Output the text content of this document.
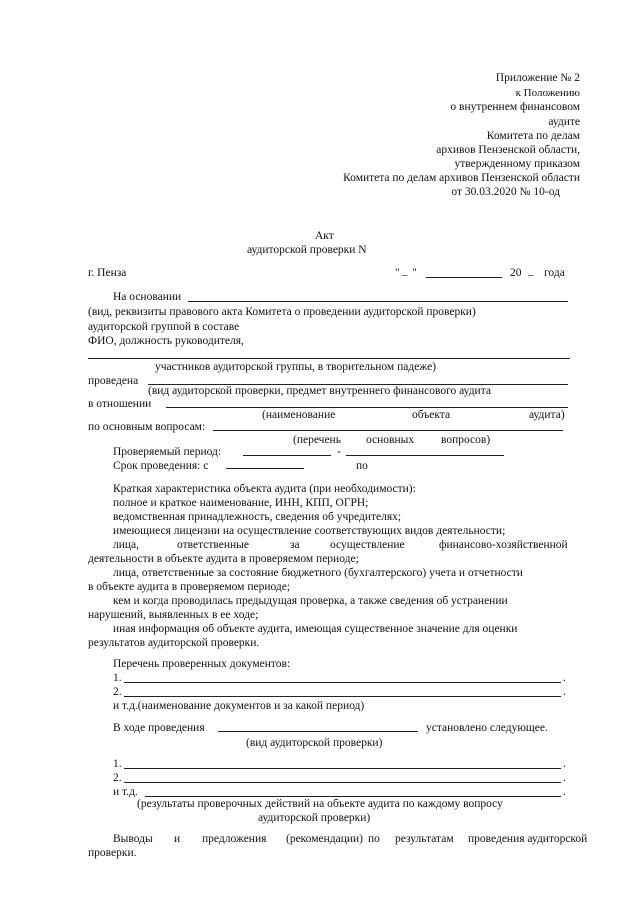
Приложение № 2
к Положению
о внутреннем финансовом
аудите
Комитета по делам
архивов Пензенской области,
утвержденному приказом
Комитета по делам архивов Пензенской области
от 30.03.2020 № 10-од
Акт
аудиторской проверки N
г. Пенза	" _ "	20 _ года
На основании
(вид, реквизиты правового акта Комитета о проведении аудиторской проверки)
аудиторской группой в составе
ФИО, должность руководителя,
участников аудиторской группы, в творительном падеже)
проведена
(вид аудиторской проверки, предмет внутреннего финансового аудита
в отношении
(наименование	объекта	аудита)
по основным вопросам:
(перечень основных вопросов)
Проверяемый период:	-
Срок проведения: с	по
Краткая характеристика объекта аудита (при необходимости):
полное и краткое наименование, ИНН, КПП, ОГРН;
ведомственная принадлежность, сведения об учредителях;
имеющиеся лицензии на осуществление соответствующих видов деятельности;
лица,	ответственные	за	осуществление	финансово-хозяйственной
деятельности в объекте аудита в проверяемом периоде;
лица, ответственные за состояние бюджетного (бухгалтерского) учета и отчетности
в объекте аудита в проверяемом периоде;
кем и когда проводилась предыдущая проверка, а также сведения об устранении
нарушений, выявленных в ее ходе;
иная информация об объекте аудита, имеющая существенное значение для оценки
результатов аудиторской проверки.
Перечень проверенных документов:
1.	.
2.	.
и т.д.(наименование документов и за какой период)
В ходе проведения	установлено следующее.
(вид аудиторской проверки)
1.	.
2.	.
и т.д.	.
(результаты проверочных действий на объекте аудита по каждому вопросу
аудиторской проверки)
Выводы и предложения (рекомендации) по результатам проведения аудиторской
проверки.
